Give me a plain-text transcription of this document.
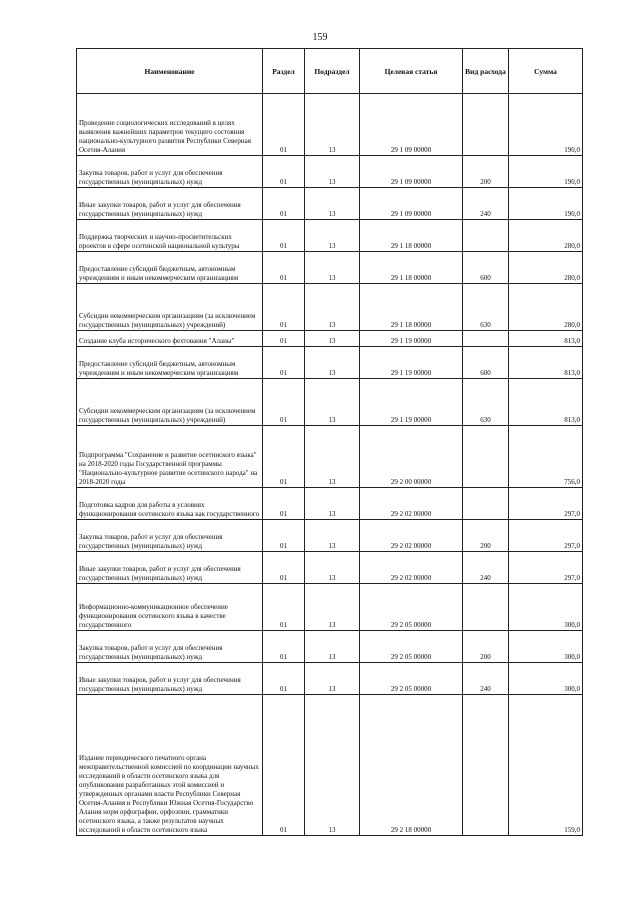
159
Наименование	Раздел	Подраздел	Целевая статья	Вид расхода	Сумма
Проведение социологических исследований в целях выявления важнейших параметров текущего состояния национально-культурного развития Республики Северная Осетия-Алания	01	13	29 1 09 00000		190,0
Закупка товаров, работ и услуг для обеспечения государственных (муниципальных) нужд	01	13	29 1 09 00000	200	190,0
Иные закупки товаров, работ и услуг для обеспечения государственных (муниципальных) нужд	01	13	29 1 09 00000	240	190,0
Поддержка творческих и научно-просветительских проектов в сфере осетинской национальной культуры	01	13	29 1 18 00000		280,0
Предоставление субсидий бюджетным, автономным учреждениям и иным некоммерческим организациям	01	13	29 1 18 00000	600	280,0
Субсидии некоммерческим организациям (за исключением государственных (муниципальных) учреждений)	01	13	29 1 18 00000	630	280,0
Создание клуба исторического фехтования "Аланы"	01	13	29 1 19 00000		813,0
Предоставление субсидий бюджетным, автономным учреждениям и иным некоммерческим организациям	01	13	29 1 19 00000	600	813,0
Субсидии некоммерческим организациям (за исключением государственных (муниципальных) учреждений)	01	13	29 1 19 00000	630	813,0
Подпрограмма "Сохранение и развитие осетинского языка" на 2018-2020 годы Государственной программы "Национально-культурное развитие осетинского народа" на 2018-2020 годы	01	13	29 2 00 00000		756,0
Подготовка кадров для работы в условиях функционирования осетинского языка как государственного	01	13	29 2 02 00000		297,0
Закупка товаров, работ и услуг для обеспечения государственных (муниципальных) нужд	01	13	29 2 02 00000	200	297,0
Иные закупки товаров, работ и услуг для обеспечения государственных (муниципальных) нужд	01	13	29 2 02 00000	240	297,0
Информационно-коммуникационное обеспечение функционирования осетинского языка в качестве государственного	01	13	29 2 05 00000		300,0
Закупка товаров, работ и услуг для обеспечения государственных (муниципальных) нужд	01	13	29 2 05 00000	200	300,0
Иные закупки товаров, работ и услуг для обеспечения государственных (муниципальных) нужд	01	13	29 2 05 00000	240	300,0
Издание периодического печатного органа межправительственной комиссией по координации научных исследований в области осетинского языка для опубликования разработанных этой комиссией и утвержденных органами власти Республики Северная Осетия-Алания и Республики Южная Осетия-Государство Алания норм орфографии, орфоэпии, грамматики осетинского языка, а также результатов научных исследований в области осетинского языка	01	13	29 2 18 00000		159,0
